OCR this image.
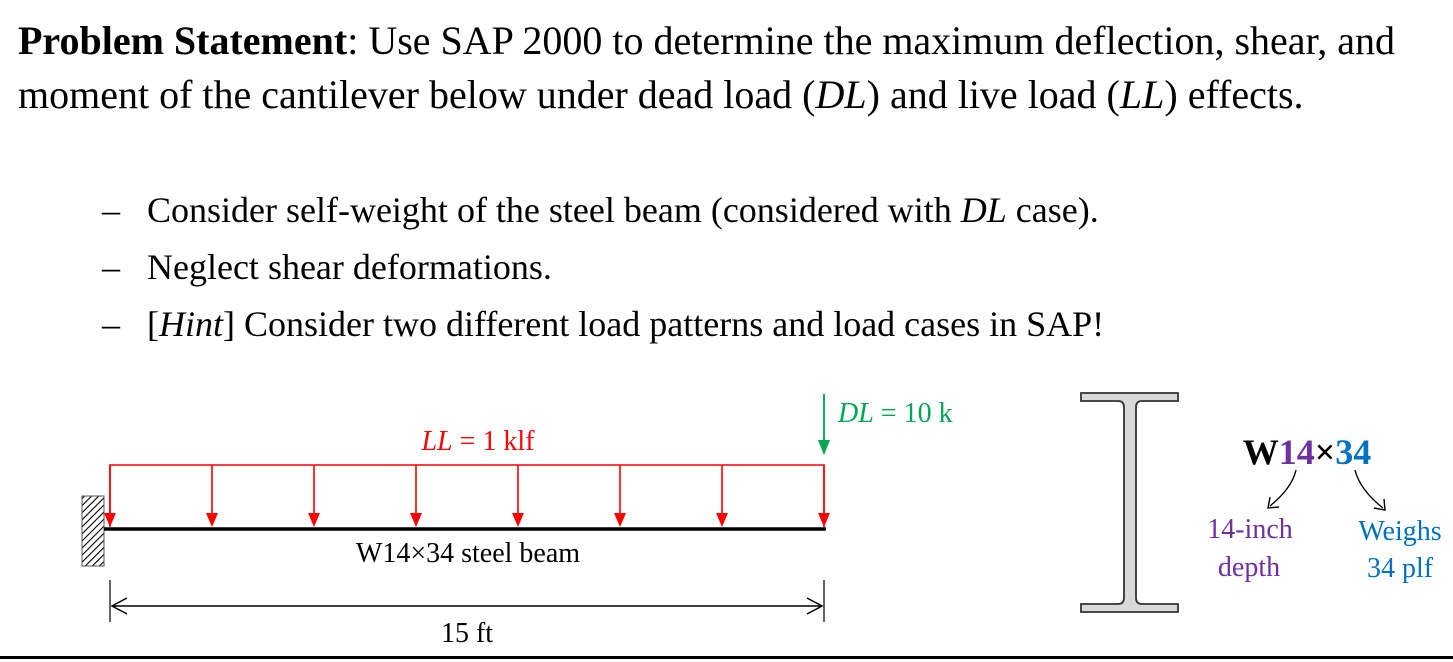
Problem Statement: Use SAP 2000 to determine the maximum deflection, shear, and moment of the cantilever below under dead load (DL) and live load (LL) effects.

– Consider self-weight of the steel beam (considered with DL case).
– Neglect shear deformations.
– [Hint] Consider two different load patterns and load cases in SAP!
LL = 1 klf
DL = 10 k
W14×34 steel beam
15 ft
W14×34
14-inch
depth
Weighs
34 plf
